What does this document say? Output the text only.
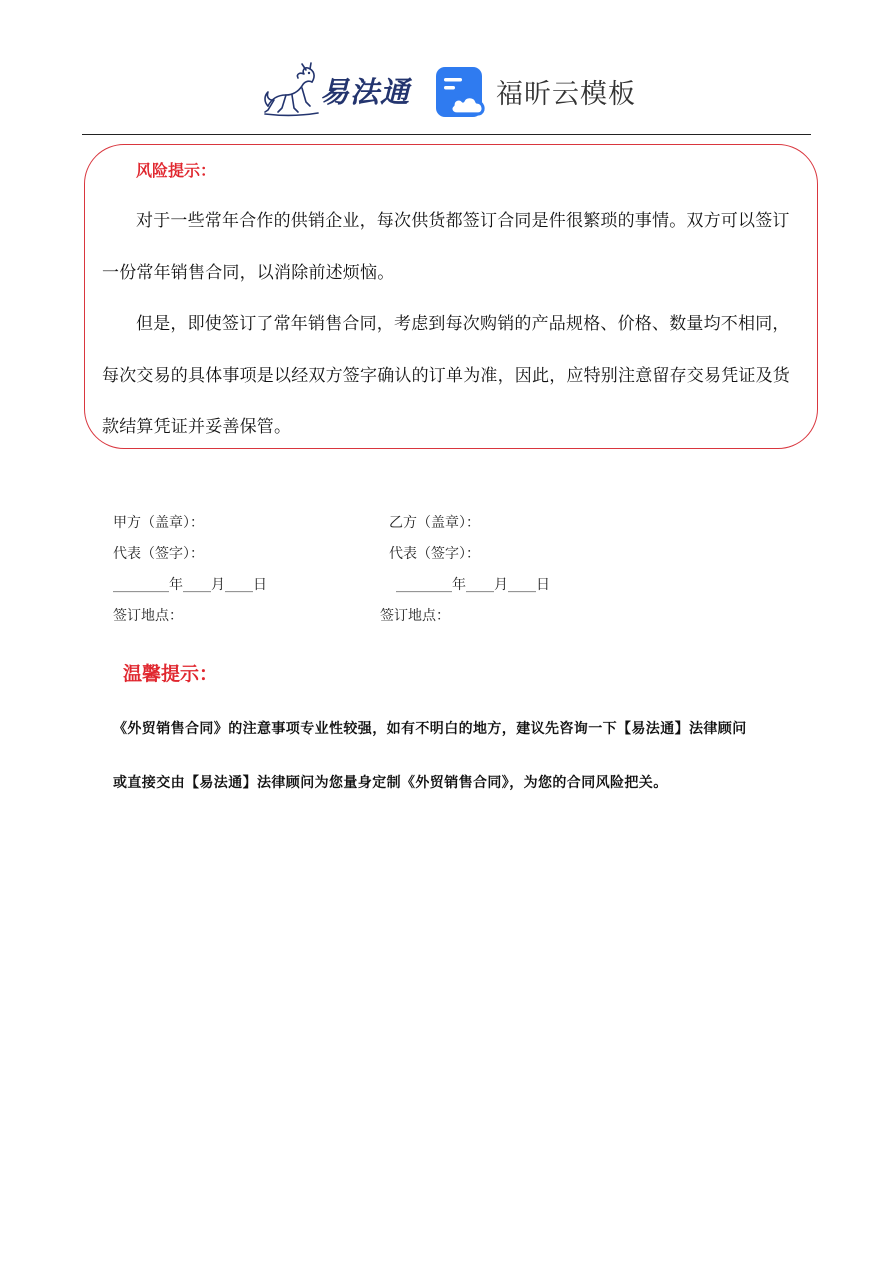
易法通	福昕云模板
风险提示：

对于一些常年合作的供销企业，每次供货都签订合同是件很繁琐的事情。双方可以签订一份常年销售合同，以消除前述烦恼。

但是，即使签订了常年销售合同，考虑到每次购销的产品规格、价格、数量均不相同，每次交易的具体事项是以经双方签字确认的订单为准，因此，应特别注意留存交易凭证及货款结算凭证并妥善保管。

甲方（盖章）：	乙方（盖章）：
代表（签字）：	代表（签字）：
________年____月____日	________年____月____日
签订地点：	签订地点：
温馨提示：
《外贸销售合同》的注意事项专业性较强，如有不明白的地方，建议先咨询一下【易法通】法律顾问
或直接交由【易法通】法律顾问为您量身定制《外贸销售合同》，为您的合同风险把关。
